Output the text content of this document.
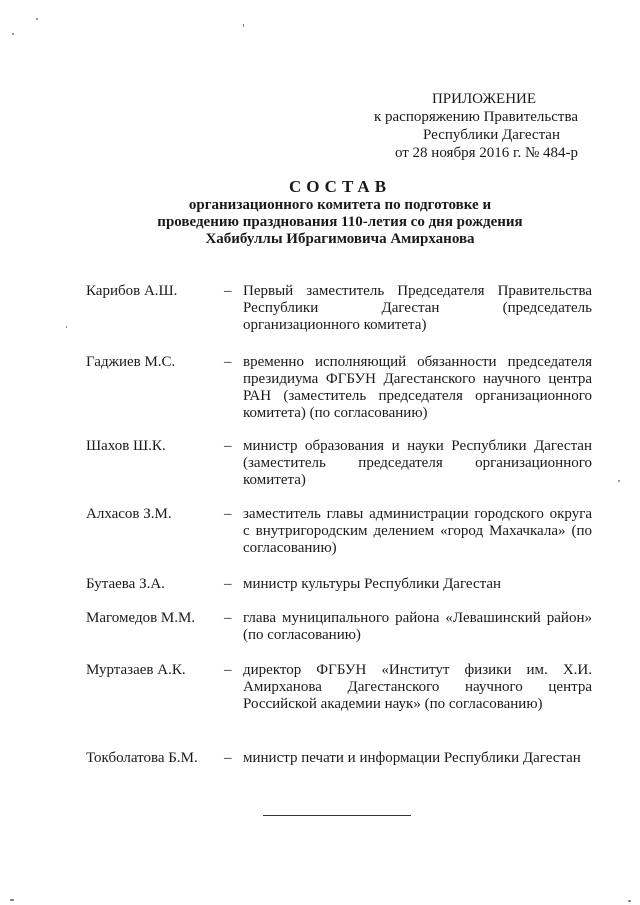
ПРИЛОЖЕНИЕ
к распоряжению Правительства
Республики Дагестан
от 28 ноября 2016 г. № 484-р
СОСТАВ
организационного комитета по подготовке и
проведению празднования 110-летия со дня рождения
Хабибуллы Ибрагимовича Амирханова
Карибов А.Ш.	– Первый заместитель Председателя Правительства Республики Дагестан (председатель организационного комитета)
Гаджиев М.С.	– временно исполняющий обязанности председателя президиума ФГБУН Дагестанского научного центра РАН (заместитель председателя организационного комитета) (по согласованию)
Шахов Ш.К.	– министр образования и науки Республики Дагестан (заместитель председателя организационного комитета)
Алхасов З.М.	– заместитель главы администрации городского округа с внутригородским делением «город Махачкала» (по согласованию)
Бутаева З.А.	– министр культуры Республики Дагестан
Магомедов М.М.	– глава муниципального района «Левашинский район» (по согласованию)
Муртазаев А.К.	– директор ФГБУН «Институт физики им. Х.И. Амирханова Дагестанского научного центра Российской академии наук» (по согласованию)
Токболатова Б.М.	– министр печати и информации Республики Дагестан
